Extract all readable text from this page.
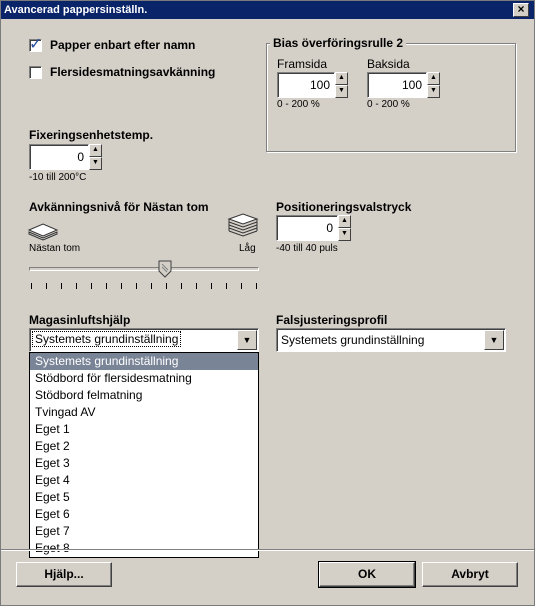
Avancerad pappersinställn.	×
✓ Papper enbart efter namn
Flersidesmatningsavkänning
Bias överföringsrulle 2
Framsida
100
▲
▼
0 - 200 %
Baksida
100
▲
▼
0 - 200 %
Fixeringsenhetstemp.
0
▲
▼
-10 till 200°C
Avkänningsnivå för Nästan tom
Nästan tom	Låg
Positioneringsvalstryck
0
▲
▼
-40 till 40 puls
Magasinluftshjälp
Systemets grundinställning	▼
Systemets grundinställning
Stödbord för flersidesmatning
Stödbord felmatning
Tvingad AV
Eget 1
Eget 2
Eget 3
Eget 4
Eget 5
Eget 6
Eget 7
Eget 8
Falsjusteringsprofil
Systemets grundinställning	▼
Hjälp...	OK	Avbryt
